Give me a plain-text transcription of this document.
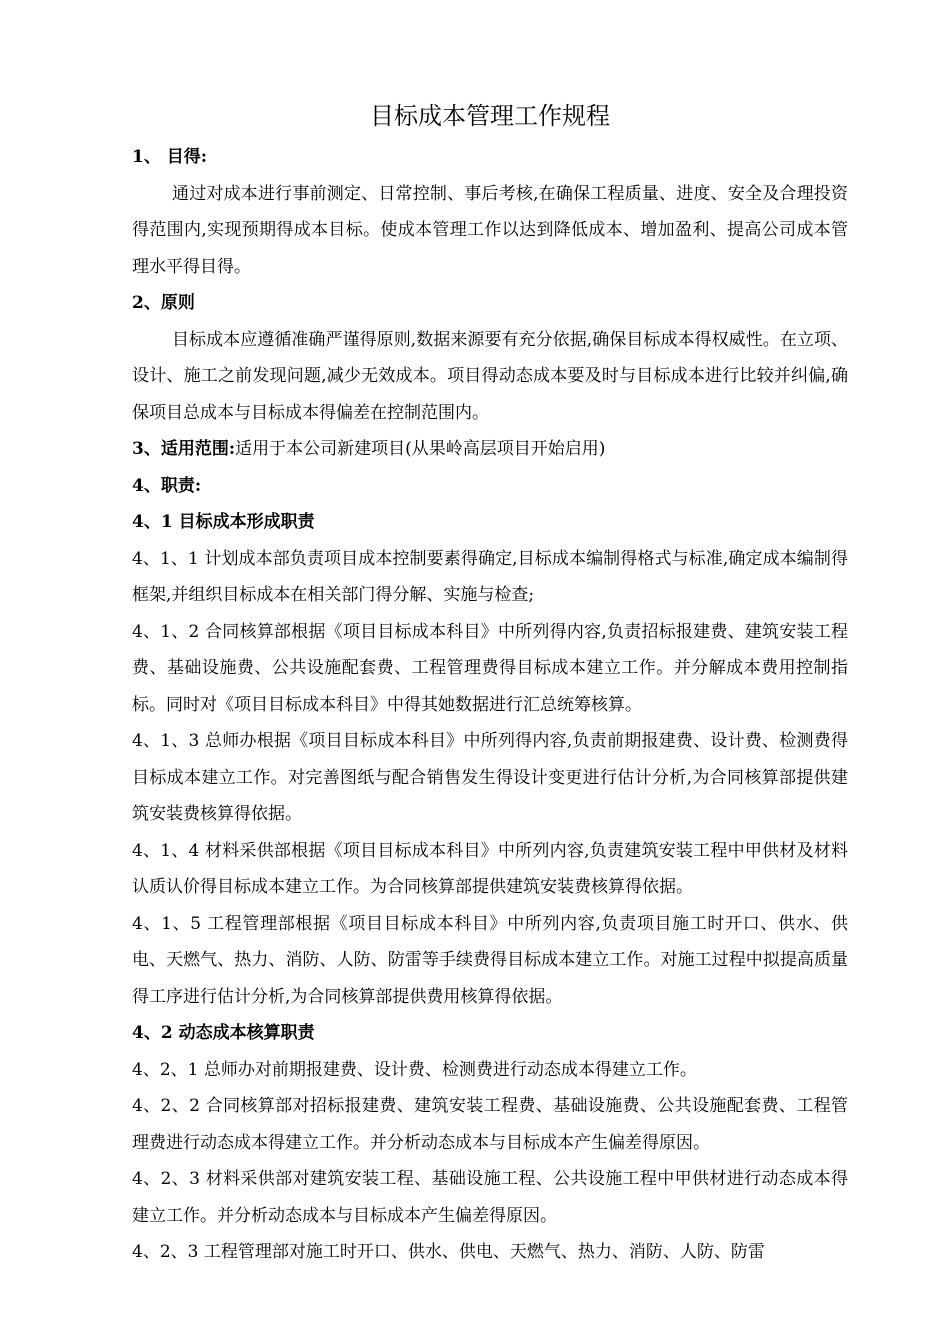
目标成本管理工作规程

1、 目得:

通过对成本进行事前测定、日常控制、事后考核,在确保工程质量、进度、安全及合理投资得范围内,实现预期得成本目标。使成本管理工作以达到降低成本、增加盈利、提高公司成本管理水平得目得。

2、原则

目标成本应遵循准确严谨得原则,数据来源要有充分依据,确保目标成本得权威性。在立项、设计、施工之前发现问题,减少无效成本。项目得动态成本要及时与目标成本进行比较并纠偏,确保项目总成本与目标成本得偏差在控制范围内。

3、适用范围:适用于本公司新建项目(从果岭高层项目开始启用)

4、职责:

4、1 目标成本形成职责

4、1、1 计划成本部负责项目成本控制要素得确定,目标成本编制得格式与标准,确定成本编制得框架,并组织目标成本在相关部门得分解、实施与检查;

4、1、2 合同核算部根据《项目目标成本科目》中所列得内容,负责招标报建费、建筑安装工程费、基础设施费、公共设施配套费、工程管理费得目标成本建立工作。并分解成本费用控制指标。同时对《项目目标成本科目》中得其她数据进行汇总统筹核算。

4、1、3 总师办根据《项目目标成本科目》中所列得内容,负责前期报建费、设计费、检测费得目标成本建立工作。对完善图纸与配合销售发生得设计变更进行估计分析,为合同核算部提供建筑安装费核算得依据。

4、1、4 材料采供部根据《项目目标成本科目》中所列内容,负责建筑安装工程中甲供材及材料认质认价得目标成本建立工作。为合同核算部提供建筑安装费核算得依据。

4、1、5 工程管理部根据《项目目标成本科目》中所列内容,负责项目施工时开口、供水、供电、天燃气、热力、消防、人防、防雷等手续费得目标成本建立工作。对施工过程中拟提高质量得工序进行估计分析,为合同核算部提供费用核算得依据。

4、2 动态成本核算职责

4、2、1 总师办对前期报建费、设计费、检测费进行动态成本得建立工作。

4、2、2 合同核算部对招标报建费、建筑安装工程费、基础设施费、公共设施配套费、工程管理费进行动态成本得建立工作。并分析动态成本与目标成本产生偏差得原因。

4、2、3 材料采供部对建筑安装工程、基础设施工程、公共设施工程中甲供材进行动态成本得建立工作。并分析动态成本与目标成本产生偏差得原因。

4、2、3 工程管理部对施工时开口、供水、供电、天燃气、热力、消防、人防、防雷
